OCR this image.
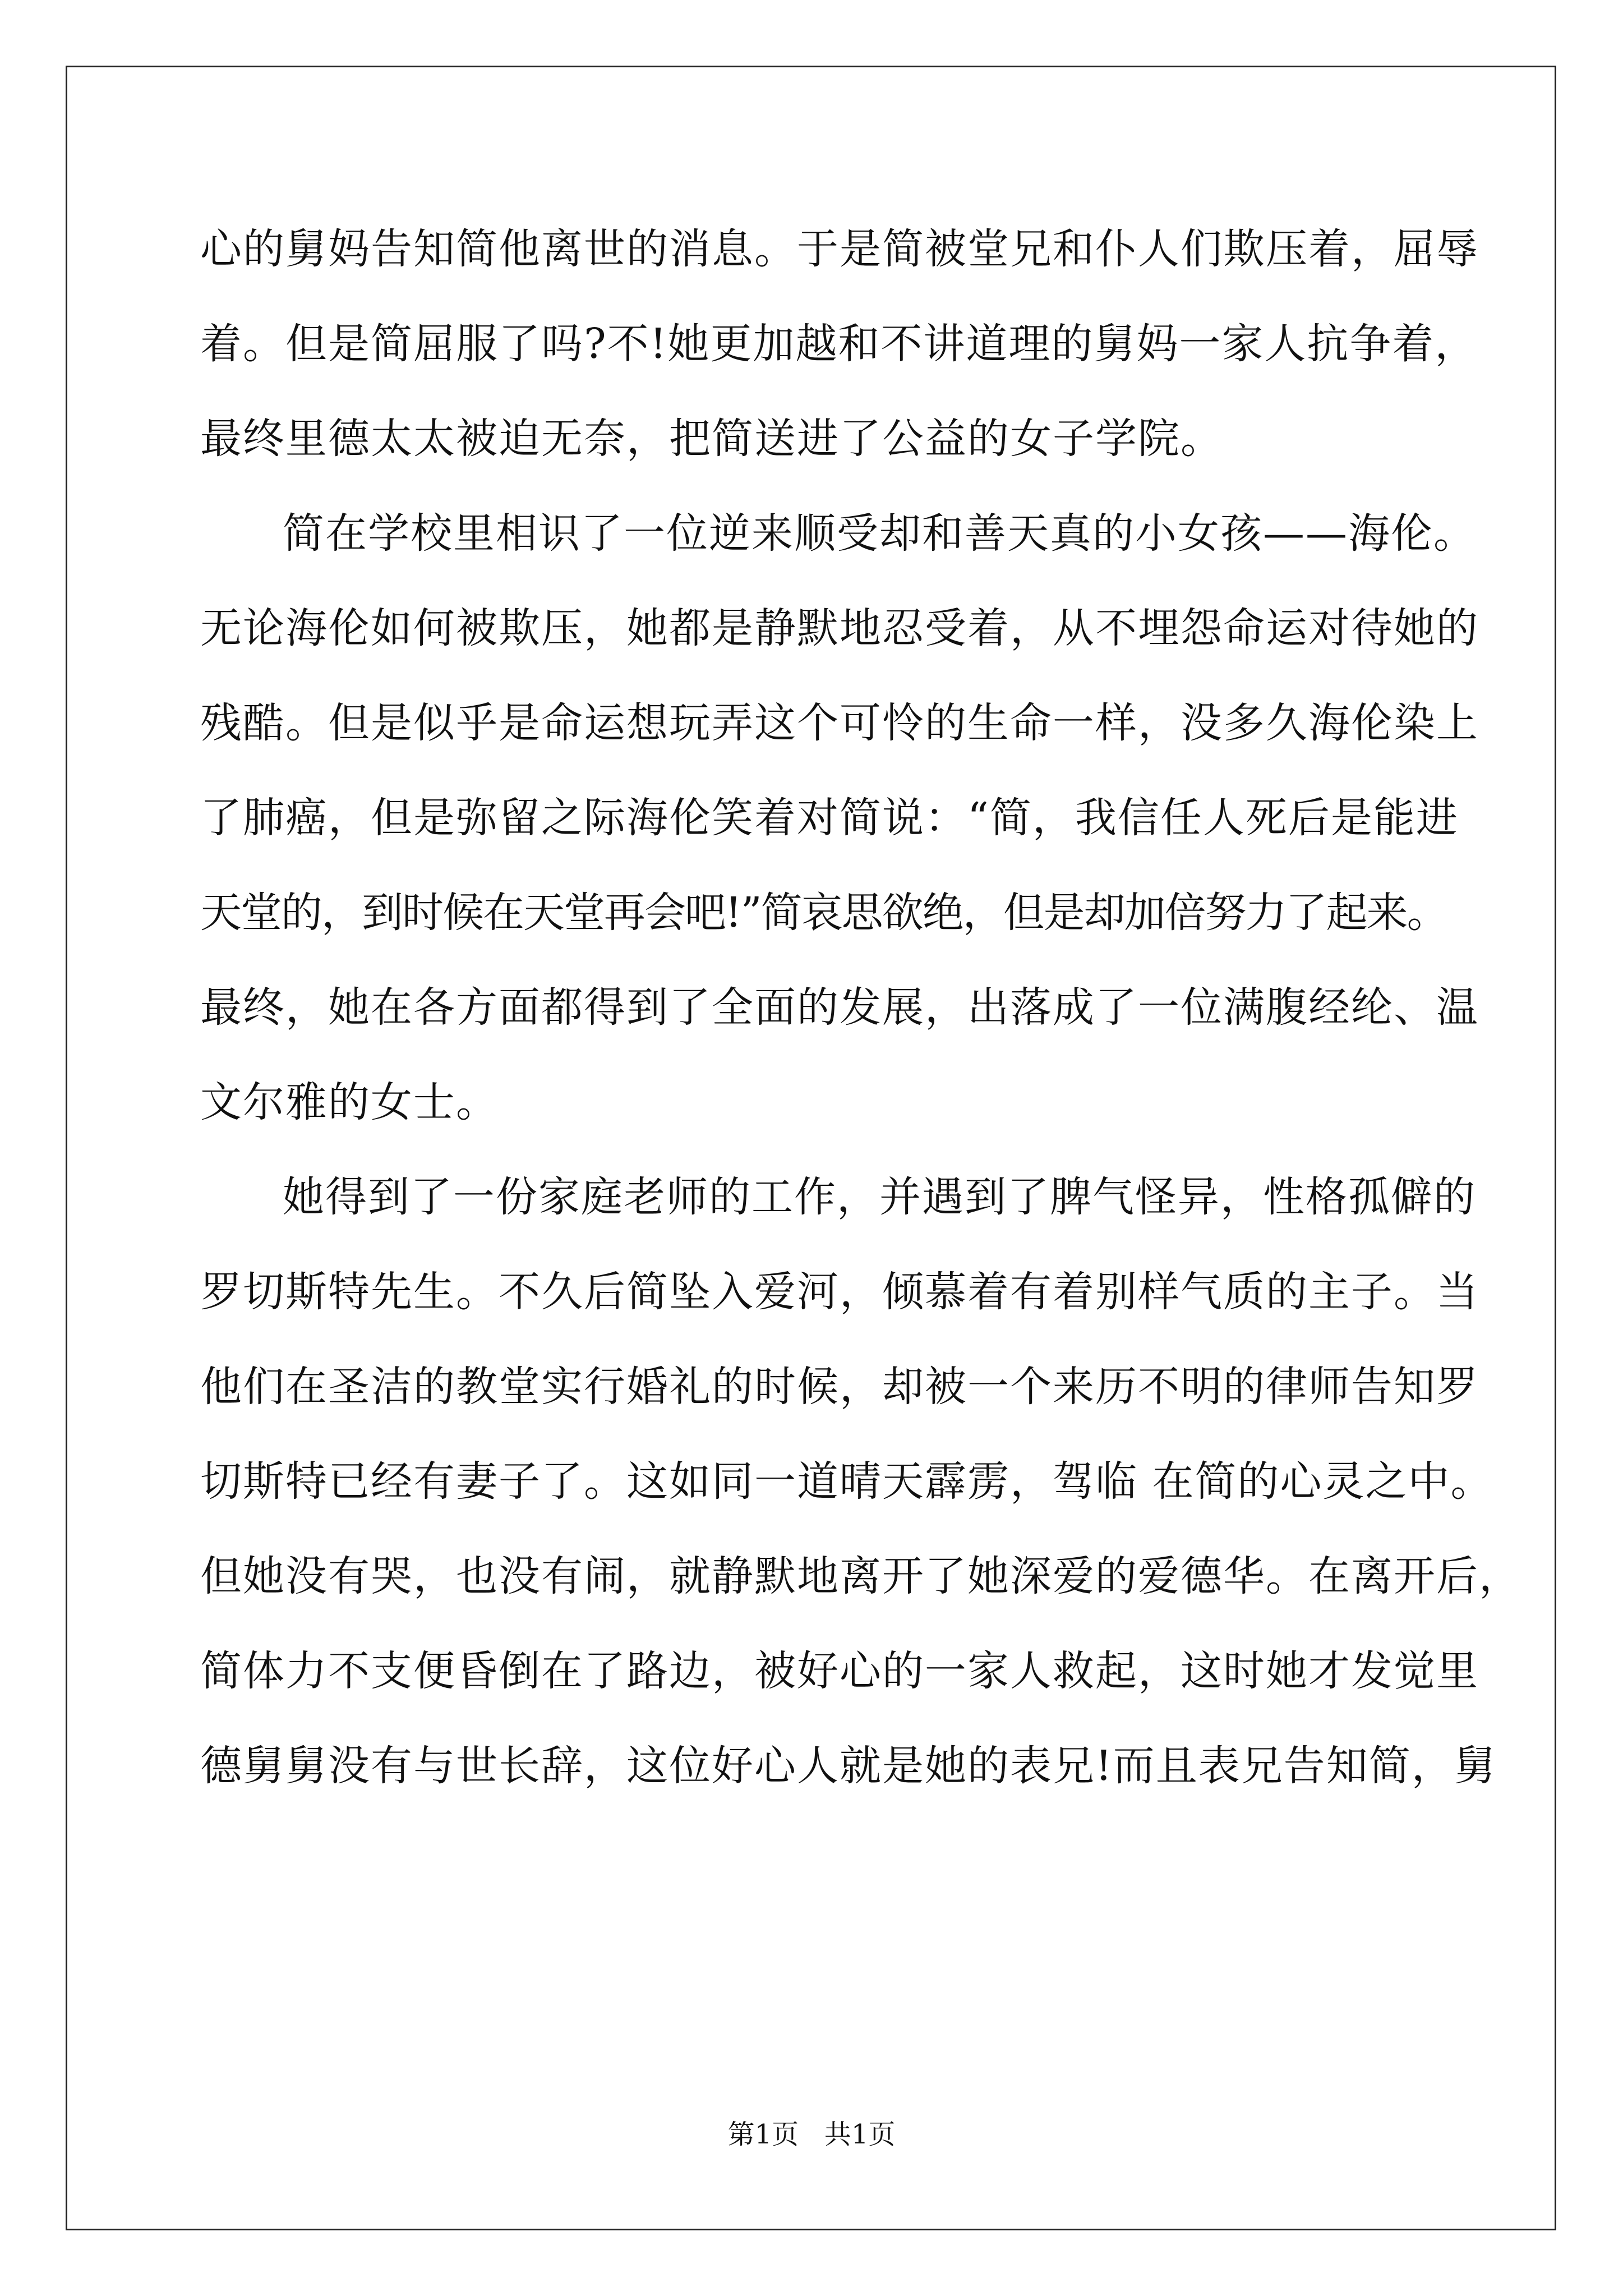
心的舅妈告知简他离世的消息。于是简被堂兄和仆人们欺压着，屈辱
着。但是简屈服了吗?不!她更加越和不讲道理的舅妈一家人抗争着，
最终里德太太被迫无奈，把简送进了公益的女子学院。
简在学校里相识了一位逆来顺受却和善天真的小女孩——海伦。
无论海伦如何被欺压，她都是静默地忍受着，从不埋怨命运对待她的
残酷。但是似乎是命运想玩弄这个可怜的生命一样，没多久海伦染上
了肺癌，但是弥留之际海伦笑着对简说：“简，我信任人死后是能进
天堂的，到时候在天堂再会吧!”简哀思欲绝，但是却加倍努力了起来。
最终，她在各方面都得到了全面的发展，出落成了一位满腹经纶、温
文尔雅的女士。
她得到了一份家庭老师的工作，并遇到了脾气怪异，性格孤僻的
罗切斯特先生。不久后简坠入爱河，倾慕着有着别样气质的主子。当
他们在圣洁的教堂实行婚礼的时候，却被一个来历不明的律师告知罗
切斯特已经有妻子了。这如同一道晴天霹雳，驾临 在简的心灵之中。
但她没有哭，也没有闹，就静默地离开了她深爱的爱德华。在离开后，
简体力不支便昏倒在了路边，被好心的一家人救起，这时她才发觉里
德舅舅没有与世长辞，这位好心人就是她的表兄!而且表兄告知简，舅
第1页   共1页
